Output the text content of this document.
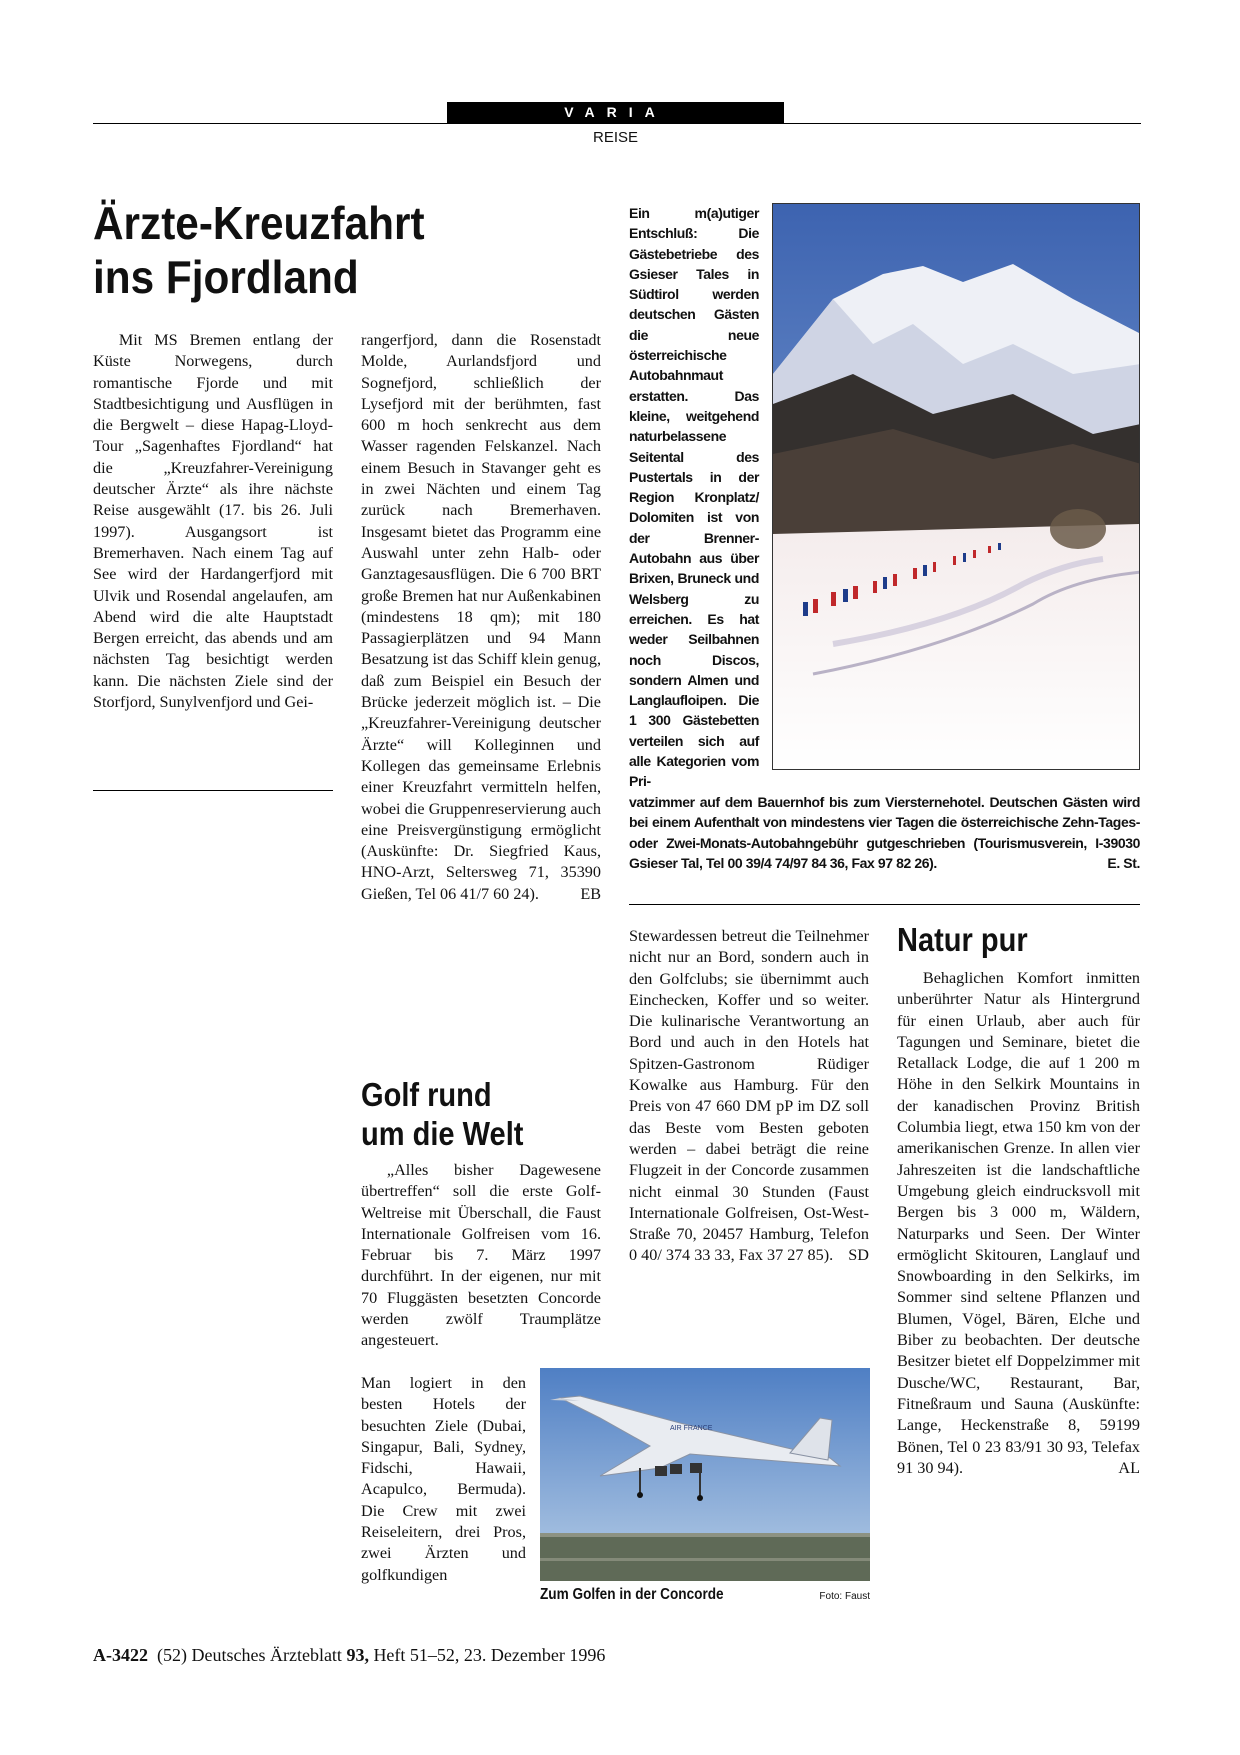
VARIA
REISE
Ärzte-Kreuzfahrt
ins Fjordland

Mit MS Bremen entlang der Küste Norwegens, durch romantische Fjorde und mit Stadtbesichtigung und Ausflügen in die Bergwelt – diese Hapag-Lloyd-Tour „Sagenhaftes Fjordland“ hat die „Kreuzfahrer-Vereinigung deutscher Ärzte“ als ihre nächste Reise ausgewählt (17. bis 26. Juli 1997). Ausgangsort ist Bremerhaven. Nach einem Tag auf See wird der Hardangerfjord mit Ulvik und Rosendal angelaufen, am Abend wird die alte Hauptstadt Bergen erreicht, das abends und am nächsten Tag besichtigt werden kann. Die nächsten Ziele sind der Storfjord, Sunylvenfjord und Gei-

rangerfjord, dann die Rosenstadt Molde, Aurlandsfjord und Sognefjord, schließlich der Lysefjord mit der berühmten, fast 600 m hoch senkrecht aus dem Wasser ragenden Felskanzel. Nach einem Besuch in Stavanger geht es in zwei Nächten und einem Tag zurück nach Bremerhaven. Insgesamt bietet das Programm eine Auswahl unter zehn Halb- oder Ganztagesausflügen. Die 6 700 BRT große Bremen hat nur Außenkabinen (mindestens 18 qm); mit 180 Passagierplätzen und 94 Mann Besatzung ist das Schiff klein genug, daß zum Beispiel ein Besuch der Brücke jederzeit möglich ist. – Die „Kreuzfahrer-Vereinigung deutscher Ärzte“ will Kolleginnen und Kollegen das gemeinsame Erlebnis einer Kreuzfahrt vermitteln helfen, wobei die Gruppenreservierung auch eine Preisvergünstigung ermöglicht (Auskünfte: Dr. Siegfried Kaus, HNO-Arzt, Seltersweg 71, 35390 Gießen, Tel 06 41/7 60 24).	EB

Ein m(a)utiger Entschluß: Die Gästebetriebe des Gsieser Tales in Südtirol werden deutschen Gästen die neue österreichische Autobahnmaut erstatten. Das kleine, weitgehend naturbelassene Seitental des Pustertals in der Region Kronplatz/ Dolomiten ist von der Brenner-Autobahn aus über Brixen, Bruneck und Welsberg zu erreichen. Es hat weder Seilbahnen noch Discos, sondern Almen und Langlaufloipen. Die 1 300 Gästebetten verteilen sich auf alle Kategorien vom Pri-
vatzimmer auf dem Bauernhof bis zum Viersternehotel. Deutschen Gästen wird bei einem Aufenthalt von mindestens vier Tagen die österreichische Zehn-Tages- oder Zwei-Monats-Autobahngebühr gutgeschrieben (Tourismusverein, I-39030 Gsieser Tal, Tel 00 39/4 74/97 84 36, Fax 97 82 26).	E. St.
Golf rund
um die Welt

„Alles bisher Dagewesene übertreffen“ soll die erste Golf-Weltreise mit Überschall, die Faust Internationale Golfreisen vom 16. Februar bis 7. März 1997 durchführt. In der eigenen, nur mit 70 Fluggästen besetzten Concorde werden zwölf Traumplätze angesteuert.

Man logiert in den besten Hotels der besuchten Ziele (Dubai, Singapur, Bali, Sydney, Fidschi, Hawaii, Acapulco, Bermuda). Die Crew mit zwei Reiseleitern, drei Pros, zwei Ärzten und golfkundigen

Stewardessen betreut die Teilnehmer nicht nur an Bord, sondern auch in den Golfclubs; sie übernimmt auch Einchecken, Koffer und so weiter. Die kulinarische Verantwortung an Bord und auch in den Hotels hat Spitzen-Gastronom Rüdiger Kowalke aus Hamburg. Für den Preis von 47 660 DM pP im DZ soll das Beste vom Besten geboten werden – dabei beträgt die reine Flugzeit in der Concorde zusammen nicht einmal 30 Stunden (Faust Internationale Golfreisen, Ost-West-Straße 70, 20457 Hamburg, Telefon 0 40/ 374 33 33, Fax 37 27 85). SD

AIR FRANCE
Zum Golfen in der Concorde	Foto: Faust
Natur pur

Behaglichen Komfort inmitten unberührter Natur als Hintergrund für einen Urlaub, aber auch für Tagungen und Seminare, bietet die Retallack Lodge, die auf 1 200 m Höhe in den Selkirk Mountains in der kanadischen Provinz British Columbia liegt, etwa 150 km von der amerikanischen Grenze. In allen vier Jahreszeiten ist die landschaftliche Umgebung gleich eindrucksvoll mit Bergen bis 3 000 m, Wäldern, Naturparks und Seen. Der Winter ermöglicht Skitouren, Langlauf und Snowboarding in den Selkirks, im Sommer sind seltene Pflanzen und Blumen, Vögel, Bären, Elche und Biber zu beobachten. Der deutsche Besitzer bietet elf Doppelzimmer mit Dusche/WC, Restaurant, Bar, Fitneßraum und Sauna (Auskünfte: Lange, Heckenstraße 8, 59199 Bönen, Tel 0 23 83/91 30 93, Telefax 91 30 94).	AL

A-3422 (52) Deutsches Ärzteblatt 93, Heft 51–52, 23. Dezember 1996
